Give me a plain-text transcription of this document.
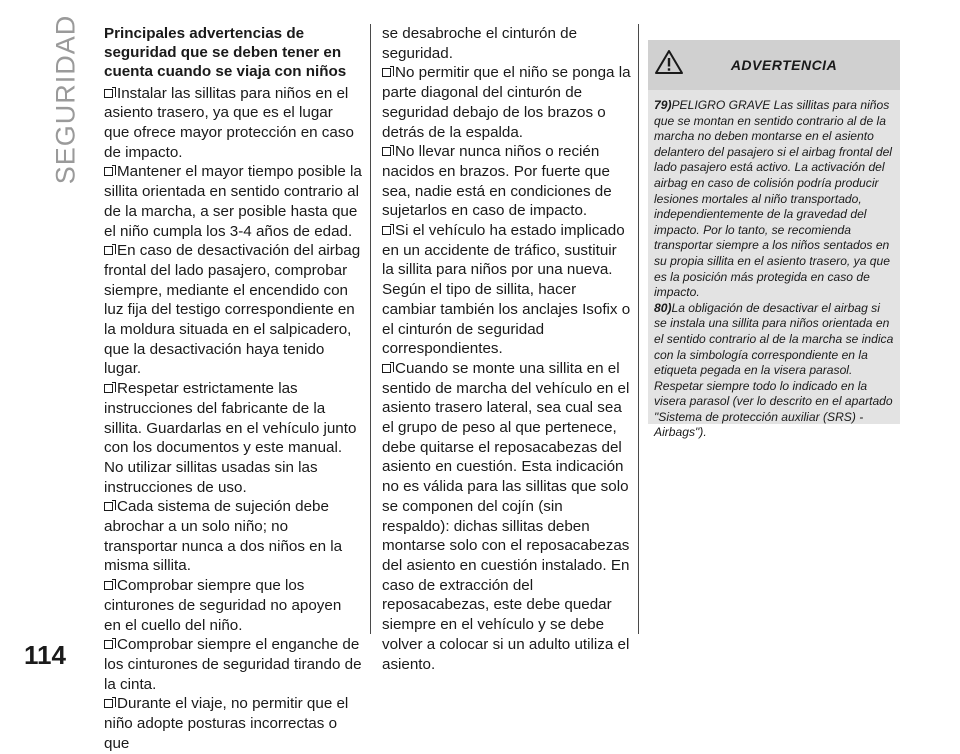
SEGURIDAD
114
Principales advertencias de seguridad que se deben tener en cuenta cuando se viaja con niños

Instalar las sillitas para niños en el asiento trasero, ya que es el lugar que ofrece mayor protección en caso de impacto.

Mantener el mayor tiempo posible la sillita orientada en sentido contrario al de la marcha, a ser posible hasta que el niño cumpla los 3-4 años de edad.

En caso de desactivación del airbag frontal del lado pasajero, comprobar siempre, mediante el encendido con luz fija del testigo correspondiente en la moldura situada en el salpicadero, que la desactivación haya tenido lugar.

Respetar estrictamente las instrucciones del fabricante de la sillita. Guardarlas en el vehículo junto con los documentos y este manual. No utilizar sillitas usadas sin las instrucciones de uso.

Cada sistema de sujeción debe abrochar a un solo niño; no transportar nunca a dos niños en la misma sillita.

Comprobar siempre que los cinturones de seguridad no apoyen en el cuello del niño.

Comprobar siempre el enganche de los cinturones de seguridad tirando de la cinta.

Durante el viaje, no permitir que el niño adopte posturas incorrectas o que

se desabroche el cinturón de seguridad.

No permitir que el niño se ponga la parte diagonal del cinturón de seguridad debajo de los brazos o detrás de la espalda.

No llevar nunca niños o recién nacidos en brazos. Por fuerte que sea, nadie está en condiciones de sujetarlos en caso de impacto.

Si el vehículo ha estado implicado en un accidente de tráfico, sustituir la sillita para niños por una nueva. Según el tipo de sillita, hacer cambiar también los anclajes Isofix o el cinturón de seguridad correspondientes.

Cuando se monte una sillita en el sentido de marcha del vehículo en el asiento trasero lateral, sea cual sea el grupo de peso al que pertenece, debe quitarse el reposacabezas del asiento en cuestión. Esta indicación no es válida para las sillitas que solo se componen del cojín (sin respaldo): dichas sillitas deben montarse solo con el reposacabezas del asiento en cuestión instalado. En caso de extracción del reposacabezas, este debe quedar siempre en el vehículo y se debe volver a colocar si un adulto utiliza el asiento.

ADVERTENCIA

79)PELIGRO GRAVE Las sillitas para niños que se montan en sentido contrario al de la marcha no deben montarse en el asiento delantero del pasajero si el airbag frontal del lado pasajero está activo. La activación del airbag en caso de colisión podría producir lesiones mortales al niño transportado, independientemente de la gravedad del impacto. Por lo tanto, se recomienda transportar siempre a los niños sentados en su propia sillita en el asiento trasero, ya que es la posición más protegida en caso de impacto.

80)La obligación de desactivar el airbag si se instala una sillita para niños orientada en el sentido contrario al de la marcha se indica con la simbología correspondiente en la etiqueta pegada en la visera parasol. Respetar siempre todo lo indicado en la visera parasol (ver lo descrito en el apartado "Sistema de protección auxiliar (SRS) - Airbags").
